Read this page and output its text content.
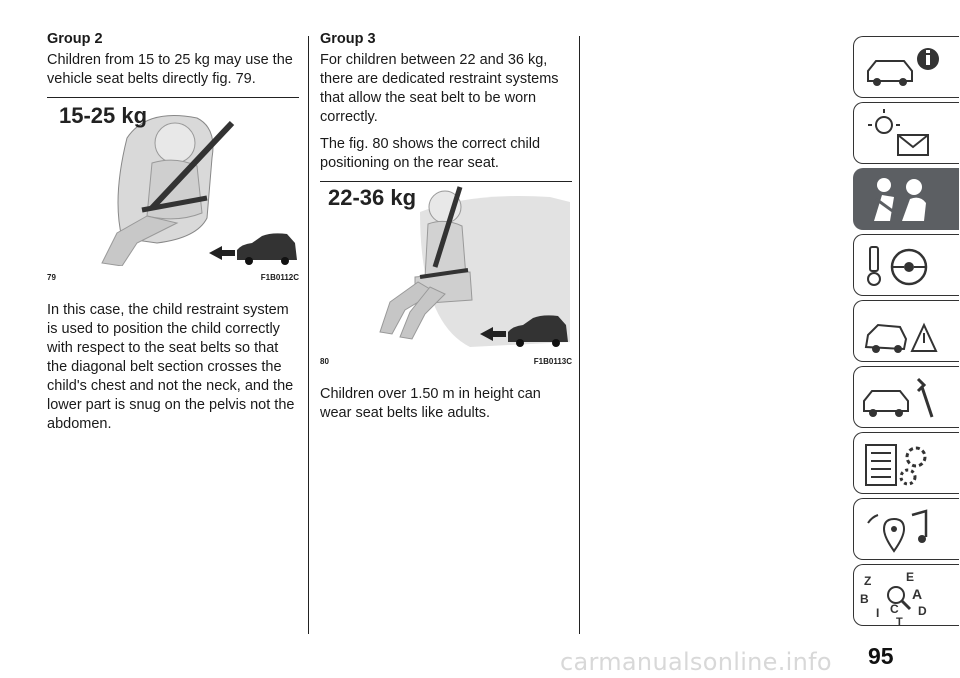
Group 2

Children from 15 to 25 kg may use the vehicle seat belts directly fig. 79.

15-25 kg
79	F1B0112C

In this case, the child restraint system is used to position the child correctly with respect to the seat belts so that the diagonal belt section crosses the child's chest and not the neck, and the lower part is snug on the pelvis not the abdomen.

Group 3

For children between 22 and 36 kg, there are dedicated restraint systems that allow the seat belt to be worn correctly.

The fig. 80 shows the correct child positioning on the rear seat.

22-36 kg
80	F1B0113C

Children over 1.50 m in height can wear seat belts like adults.

Z	E
B	A
I C D
T
carmanualsonline.info 95
